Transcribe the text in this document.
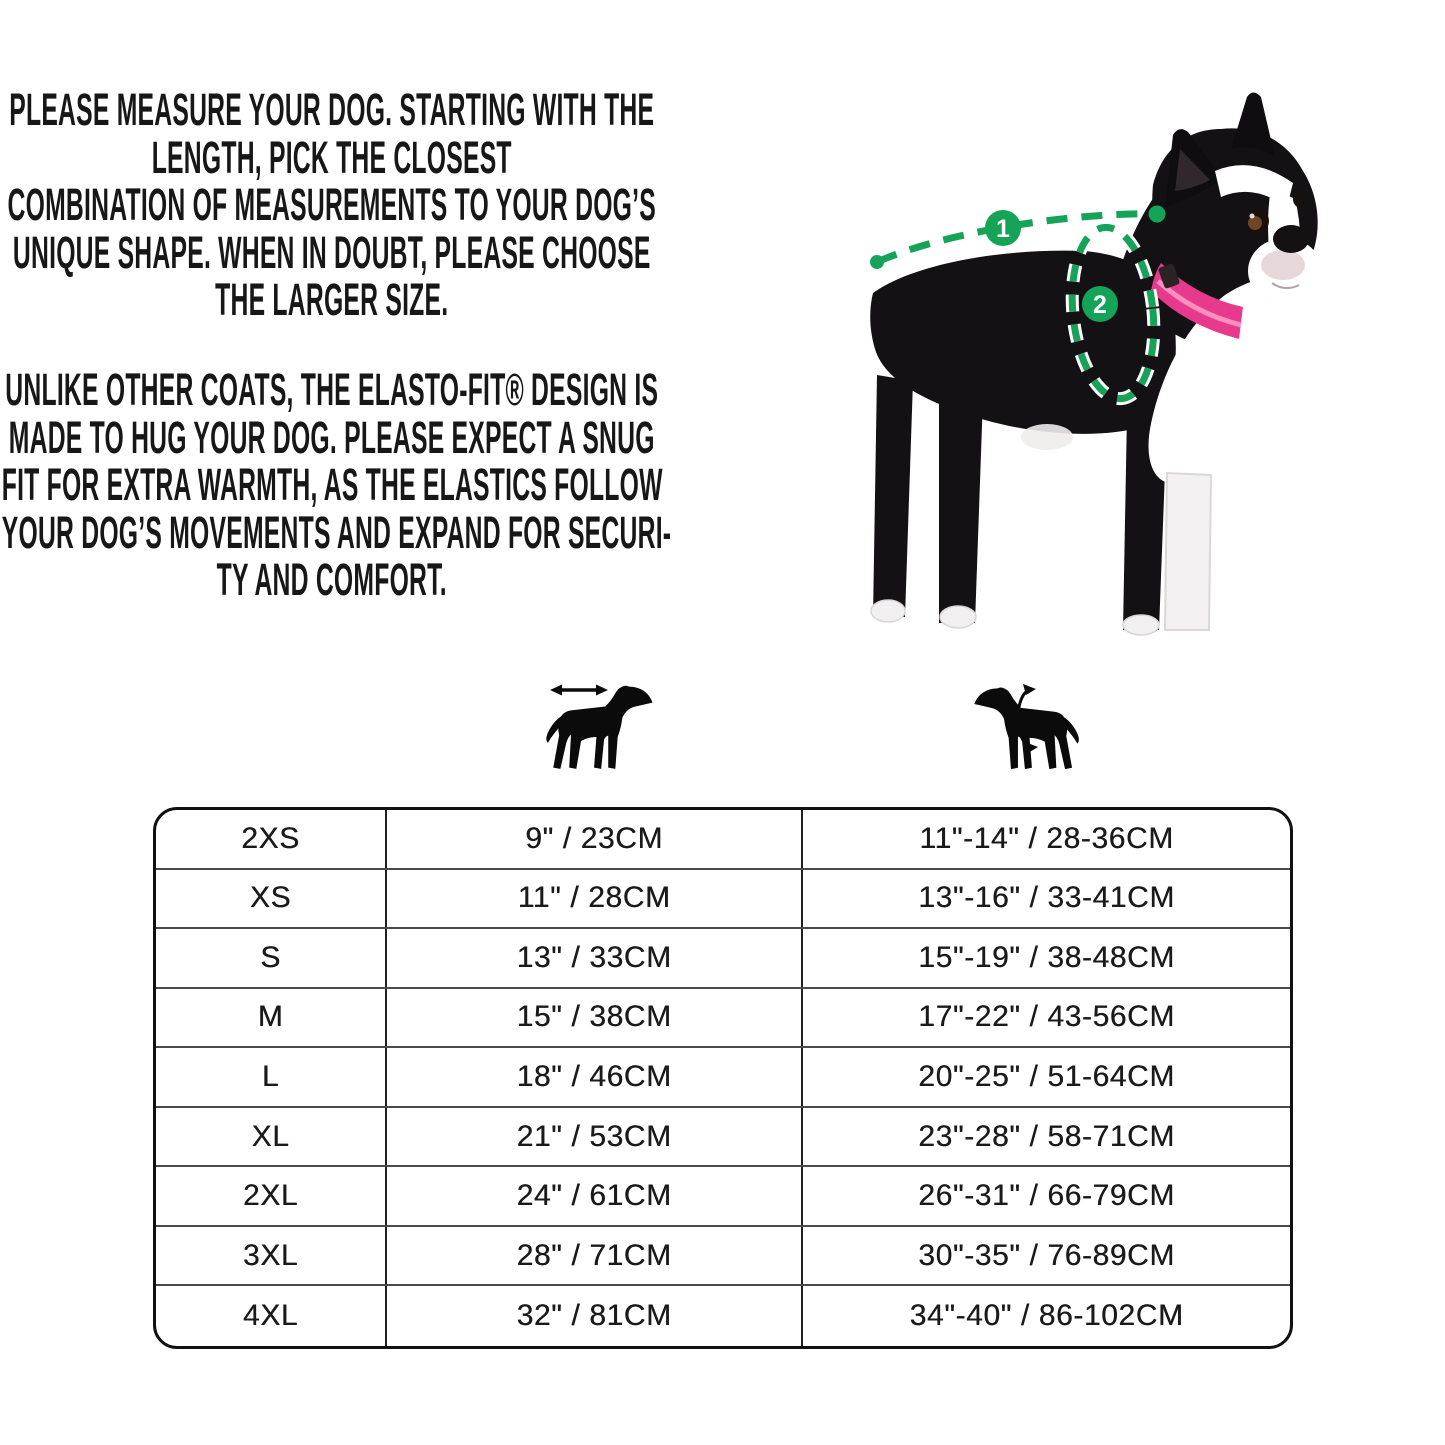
PLEASE MEASURE YOUR DOG. STARTING WITH THE
LENGTH, PICK THE CLOSEST
COMBINATION OF MEASUREMENTS TO YOUR DOG’S
UNIQUE SHAPE. WHEN IN DOUBT, PLEASE CHOOSE
THE LARGER SIZE.
UNLIKE OTHER COATS, THE ELASTO-FIT® DESIGN IS
MADE TO HUG YOUR DOG. PLEASE EXPECT A SNUG
FIT FOR EXTRA WARMTH, AS THE ELASTICS FOLLOW
YOUR DOG’S MOVEMENTS AND EXPAND FOR SECURI-
TY AND COMFORT.
1
2
2XS	9" / 23CM	11"-14" / 28-36CM
XS	11" / 28CM	13"-16" / 33-41CM
S	13" / 33CM	15"-19" / 38-48CM
M	15" / 38CM	17"-22" / 43-56CM
L	18" / 46CM	20"-25" / 51-64CM
XL	21" / 53CM	23"-28" / 58-71CM
2XL	24" / 61CM	26"-31" / 66-79CM
3XL	28" / 71CM	30"-35" / 76-89CM
4XL	32" / 81CM	34"-40" / 86-102CM
